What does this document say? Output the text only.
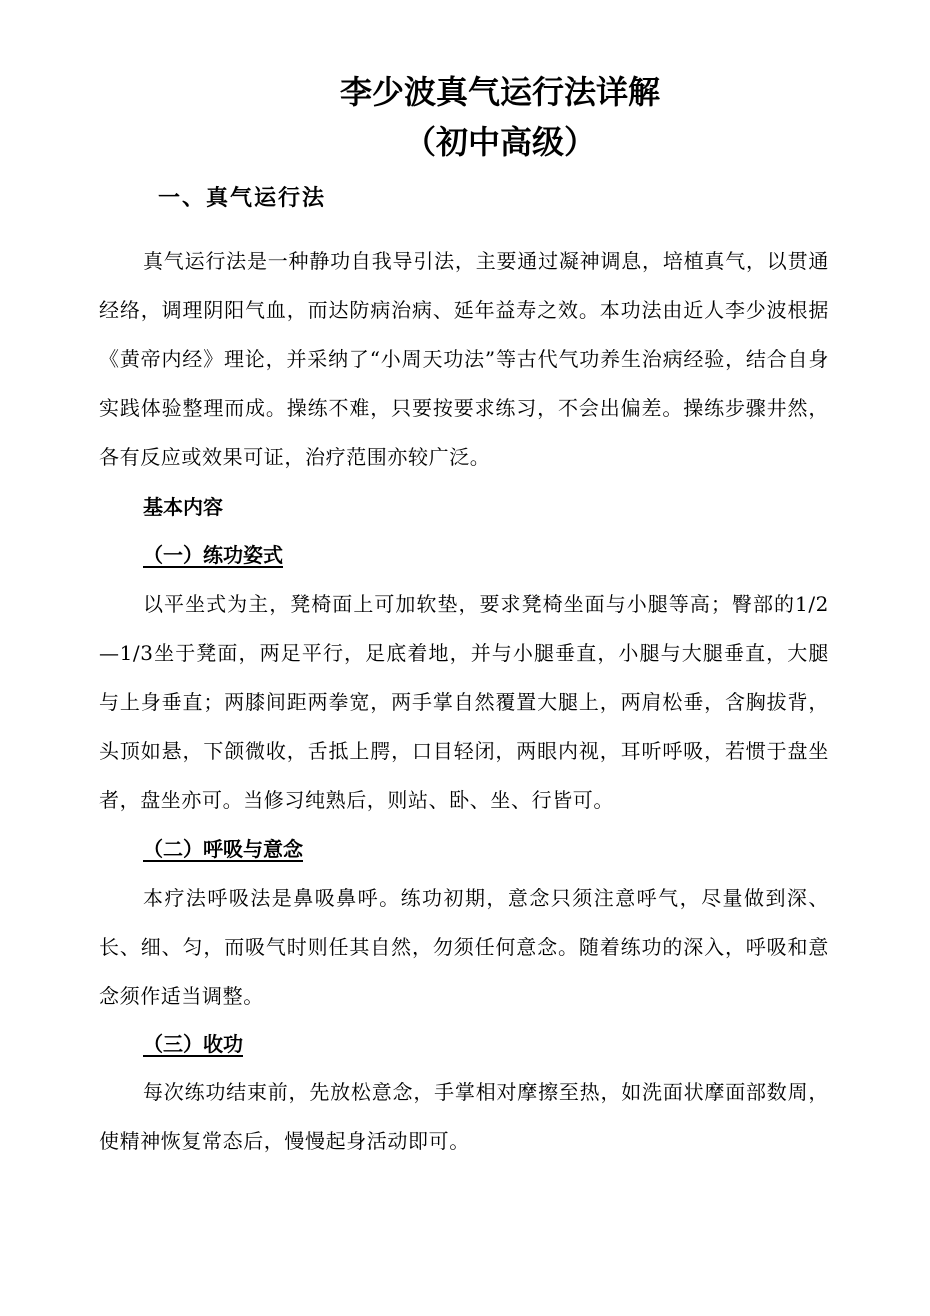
李少波真气运行法详解
（初中高级）
一、真气运行法

真气运行法是一种静功自我导引法，主要通过凝神调息，培植真气，以贯通经络，调理阴阳气血，而达防病治病、延年益寿之效。本功法由近人李少波根据《黄帝内经》理论，并采纳了“小周天功法”等古代气功养生治病经验，结合自身实践体验整理而成。操练不难，只要按要求练习，不会出偏差。操练步骤井然，各有反应或效果可证，治疗范围亦较广泛。

基本内容
（一）练功姿式

以平坐式为主，凳椅面上可加软垫，要求凳椅坐面与小腿等高；臀部的1/2—1/3坐于凳面，两足平行，足底着地，并与小腿垂直，小腿与大腿垂直，大腿与上身垂直；两膝间距两拳宽，两手掌自然覆置大腿上，两肩松垂，含胸拔背，头顶如悬，下颌微收，舌抵上腭，口目轻闭，两眼内视，耳听呼吸，若惯于盘坐者，盘坐亦可。当修习纯熟后，则站、卧、坐、行皆可。

（二）呼吸与意念

本疗法呼吸法是鼻吸鼻呼。练功初期，意念只须注意呼气，尽量做到深、长、细、匀，而吸气时则任其自然，勿须任何意念。随着练功的深入，呼吸和意念须作适当调整。

（三）收功

每次练功结束前，先放松意念，手掌相对摩擦至热，如洗面状摩面部数周，使精神恢复常态后，慢慢起身活动即可。
